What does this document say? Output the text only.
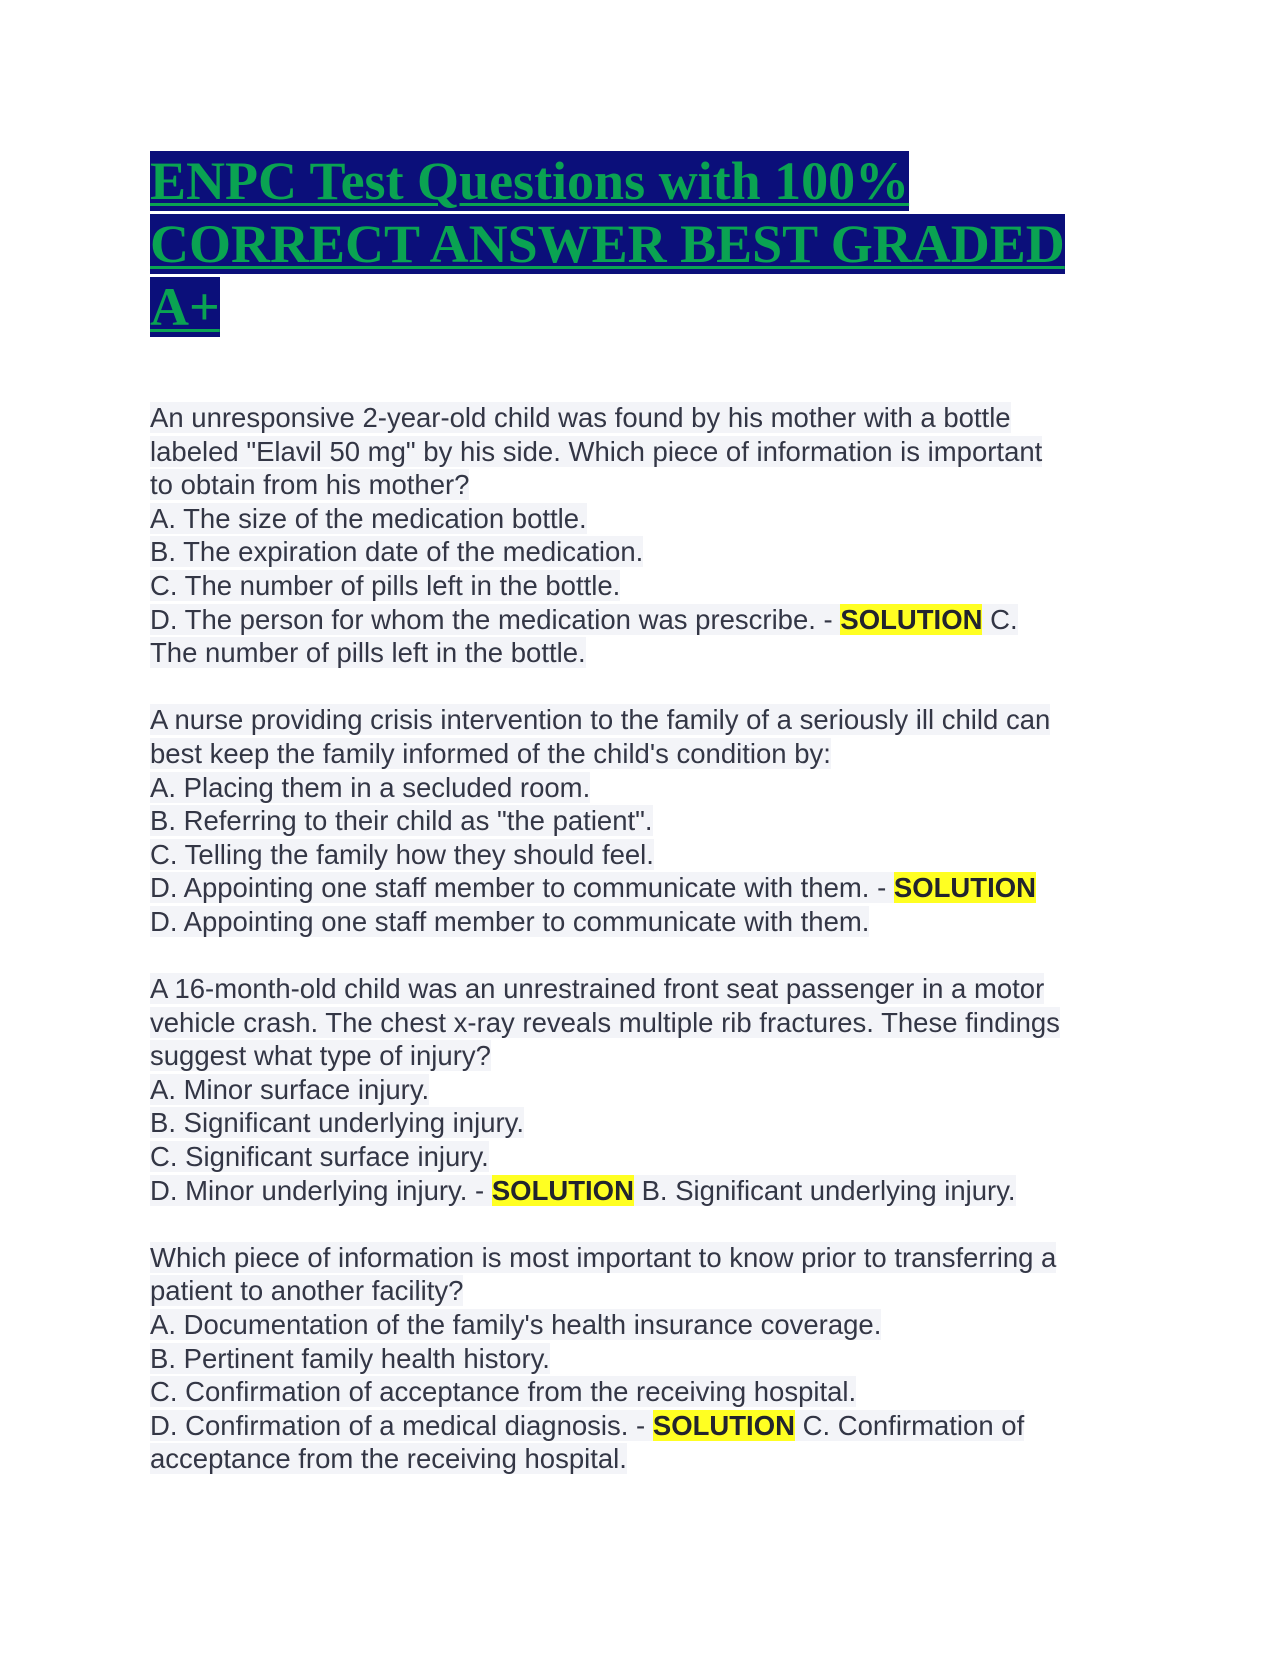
ENPC Test Questions with 100%
CORRECT ANSWER BEST GRADED
A+
An unresponsive 2-year-old child was found by his mother with a bottle
labeled "Elavil 50 mg" by his side. Which piece of information is important
to obtain from his mother?
A. The size of the medication bottle.
B. The expiration date of the medication.
C. The number of pills left in the bottle.
D. The person for whom the medication was prescribe. - SOLUTION C.
The number of pills left in the bottle.
A nurse providing crisis intervention to the family of a seriously ill child can
best keep the family informed of the child's condition by:
A. Placing them in a secluded room.
B. Referring to their child as "the patient".
C. Telling the family how they should feel.
D. Appointing one staff member to communicate with them. - SOLUTION
D. Appointing one staff member to communicate with them.
A 16-month-old child was an unrestrained front seat passenger in a motor
vehicle crash. The chest x-ray reveals multiple rib fractures. These findings
suggest what type of injury?
A. Minor surface injury.
B. Significant underlying injury.
C. Significant surface injury.
D. Minor underlying injury. - SOLUTION B. Significant underlying injury.
Which piece of information is most important to know prior to transferring a
patient to another facility?
A. Documentation of the family's health insurance coverage.
B. Pertinent family health history.
C. Confirmation of acceptance from the receiving hospital.
D. Confirmation of a medical diagnosis. - SOLUTION C. Confirmation of
acceptance from the receiving hospital.
